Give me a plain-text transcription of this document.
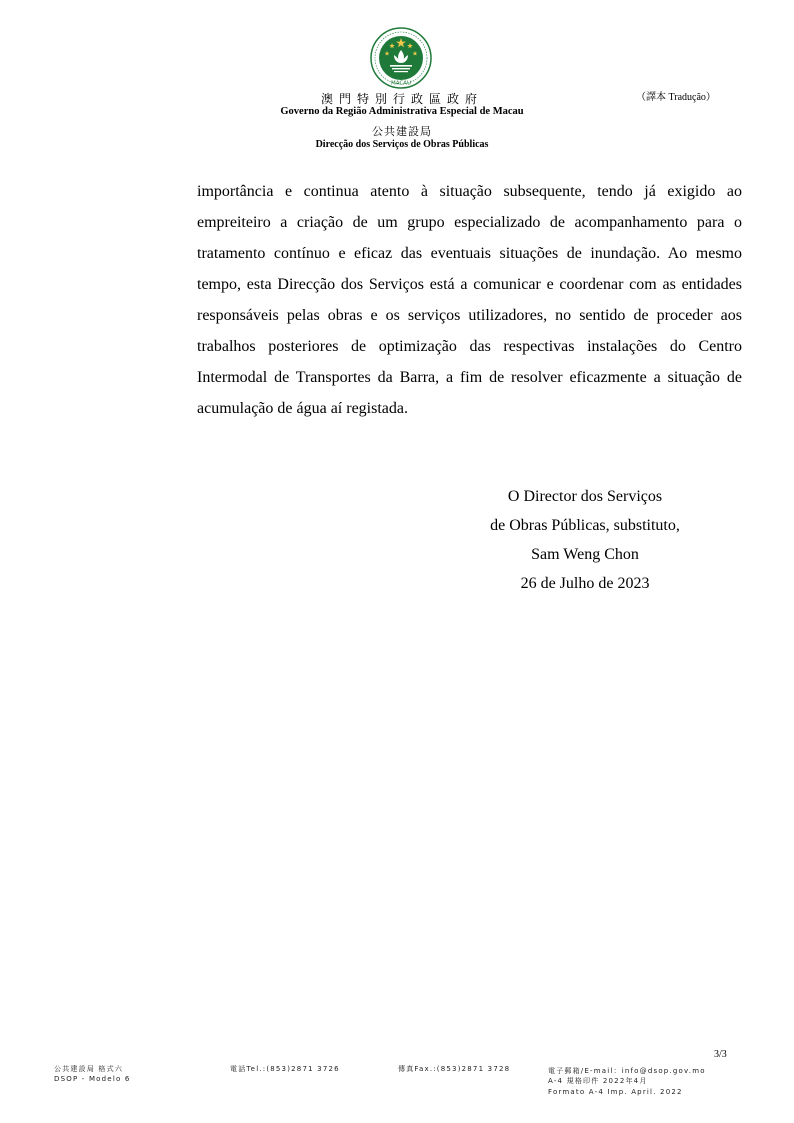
MACAU
澳門特別行政區政府
Governo da Região Administrativa Especial de Macau
公共建設局
Direcção dos Serviços de Obras Públicas
（譯本 Tradução）

importância e continua atento à situação subsequente, tendo já exigido ao empreiteiro a criação de um grupo especializado de acompanhamento para o tratamento contínuo e eficaz das eventuais situações de inundação. Ao mesmo tempo, esta Direcção dos Serviços está a comunicar e coordenar com as entidades responsáveis pelas obras e os serviços utilizadores, no sentido de proceder aos trabalhos posteriores de optimização das respectivas instalações do Centro Intermodal de Transportes da Barra, a fim de resolver eficazmente a situação de acumulação de água aí registada.

O Director dos Serviços
de Obras Públicas, substituto,
Sam Weng Chon
26 de Julho de 2023
3/3
公共建設局 格式六
DSOP - Modelo 6
電話Tel.:(853)2871 3726	傳真Fax.:(853)2871 3728	電子郵箱/E-mail：info@dsop.gov.mo
A-4 規格印件 2022年4月
Formato A-4 Imp. April. 2022
